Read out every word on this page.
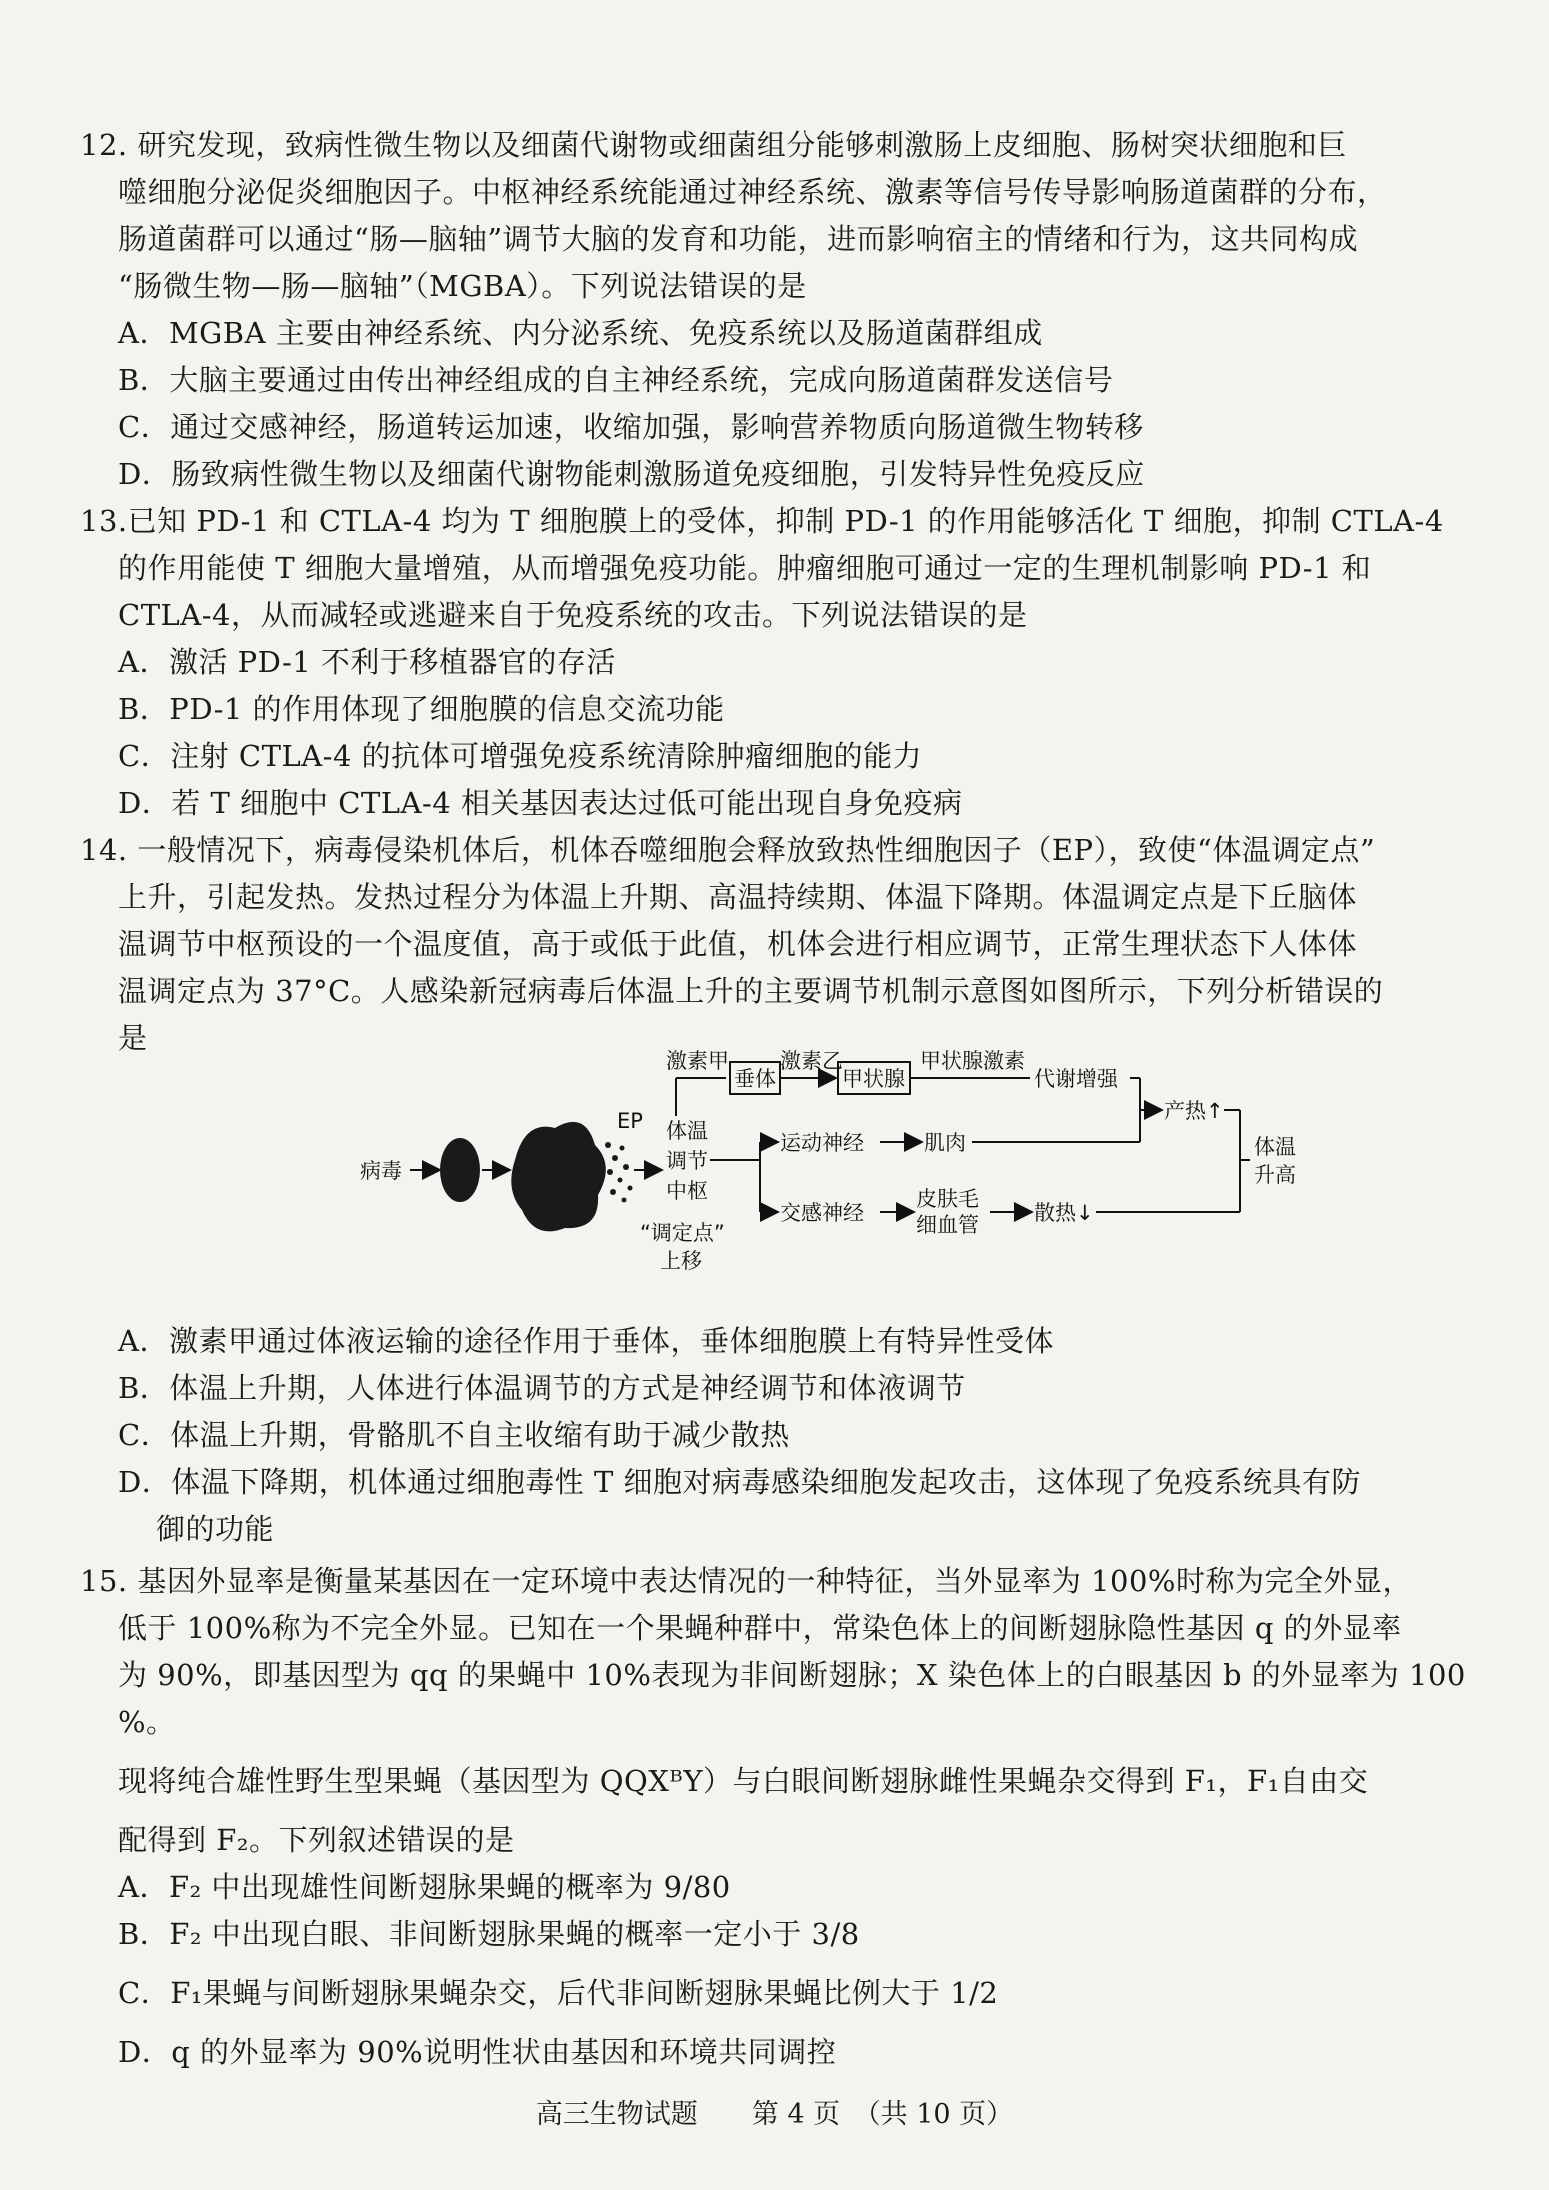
12. 研究发现，致病性微生物以及细菌代谢物或细菌组分能够刺激肠上皮细胞、肠树突状细胞和巨

噬细胞分泌促炎细胞因子。中枢神经系统能通过神经系统、激素等信号传导影响肠道菌群的分布，

肠道菌群可以通过“肠—脑轴”调节大脑的发育和功能，进而影响宿主的情绪和行为，这共同构成

“肠微生物—肠—脑轴”（MGBA）。下列说法错误的是

A．MGBA 主要由神经系统、内分泌系统、免疫系统以及肠道菌群组成

B．大脑主要通过由传出神经组成的自主神经系统，完成向肠道菌群发送信号

C．通过交感神经，肠道转运加速，收缩加强，影响营养物质向肠道微生物转移

D．肠致病性微生物以及细菌代谢物能刺激肠道免疫细胞，引发特异性免疫反应

13.已知 PD-1 和 CTLA-4 均为 T 细胞膜上的受体，抑制 PD-1 的作用能够活化 T 细胞，抑制 CTLA-4

的作用能使 T 细胞大量增殖，从而增强免疫功能。肿瘤细胞可通过一定的生理机制影响 PD-1 和

CTLA-4，从而减轻或逃避来自于免疫系统的攻击。下列说法错误的是

A．激活 PD-1 不利于移植器官的存活

B．PD-1 的作用体现了细胞膜的信息交流功能

C．注射 CTLA-4 的抗体可增强免疫系统清除肿瘤细胞的能力

D．若 T 细胞中 CTLA-4 相关基因表达过低可能出现自身免疫病

14. 一般情况下，病毒侵染机体后，机体吞噬细胞会释放致热性细胞因子（EP），致使“体温调定点”

上升，引起发热。发热过程分为体温上升期、高温持续期、体温下降期。体温调定点是下丘脑体

温调节中枢预设的一个温度值，高于或低于此值，机体会进行相应调节，正常生理状态下人体体

温调定点为 37°C。人感染新冠病毒后体温上升的主要调节机制示意图如图所示，下列分析错误的

是

病毒
EP 体温
调节
中枢
“调定点”
上移
激素甲
垂体
激素乙
甲状腺
甲状腺激素
代谢增强
运动神经	肌肉
产热↑
交感神经
皮肤毛
细血管	散热↓
体温
升高

A．激素甲通过体液运输的途径作用于垂体，垂体细胞膜上有特异性受体

B．体温上升期，人体进行体温调节的方式是神经调节和体液调节

C．体温上升期，骨骼肌不自主收缩有助于减少散热

D．体温下降期，机体通过细胞毒性 T 细胞对病毒感染细胞发起攻击，这体现了免疫系统具有防

御的功能

15. 基因外显率是衡量某基因在一定环境中表达情况的一种特征，当外显率为 100%时称为完全外显，

低于 100%称为不完全外显。已知在一个果蝇种群中，常染色体上的间断翅脉隐性基因 q 的外显率

为 90%，即基因型为 qq 的果蝇中 10%表现为非间断翅脉；X 染色体上的白眼基因 b 的外显率为 100 %。

现将纯合雄性野生型果蝇（基因型为 QQXᴮY）与白眼间断翅脉雌性果蝇杂交得到 F₁，F₁自由交

配得到 F₂。下列叙述错误的是

A．F₂ 中出现雄性间断翅脉果蝇的概率为 9/80

B．F₂ 中出现白眼、非间断翅脉果蝇的概率一定小于 3/8

C．F₁果蝇与间断翅脉果蝇杂交，后代非间断翅脉果蝇比例大于 1/2

D．q 的外显率为 90%说明性状由基因和环境共同调控

高三生物试题　　第 4 页　（共 10 页）
